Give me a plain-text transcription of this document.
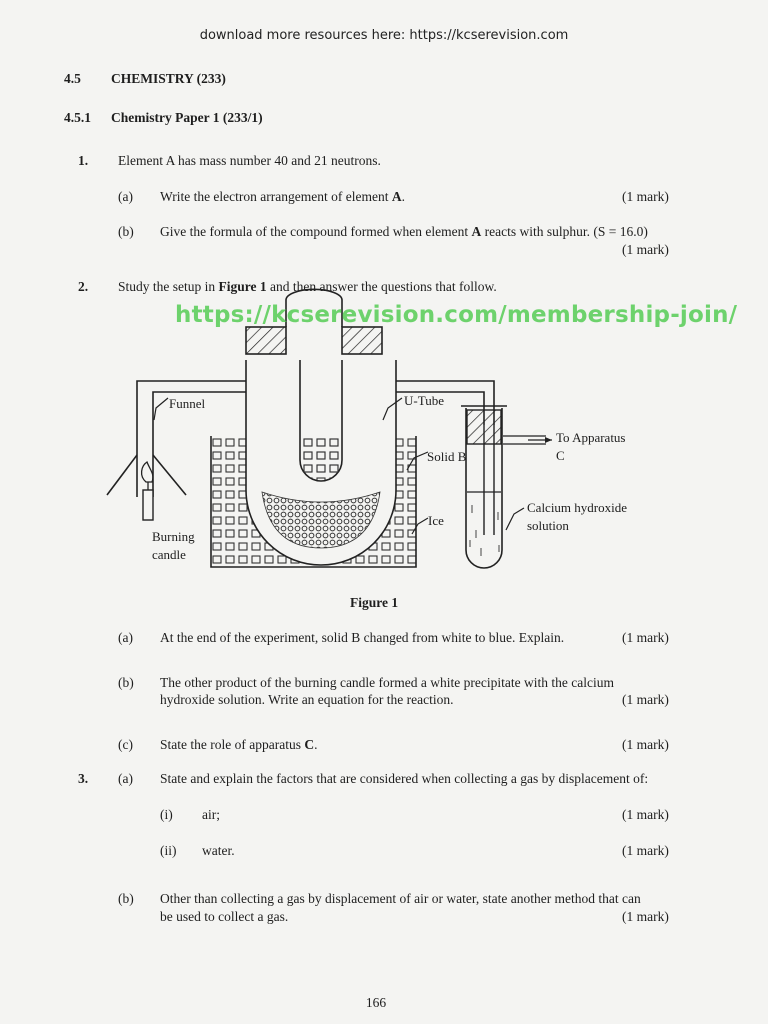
download more resources here: https://kcserevision.com
4.5 CHEMISTRY (233)
4.5.1 Chemistry Paper 1 (233/1)
1. Element A has mass number 40 and 21 neutrons.
(a) Write the electron arrangement of element A.	(1 mark)
(b) Give the formula of the compound formed when element A reacts with sulphur. (S = 16.0)
(1 mark)
2. Study the setup in Figure 1 and then answer the questions that follow.
Funnel	U-Tube
Solid B
Ice
Burning
candle
To Apparatus
C
Calcium hydroxide
solution
https://kcserevision.com/membership-join/
Figure 1
(a) At the end of the experiment, solid B changed from white to blue. Explain.	(1 mark)
(b) The other product of the burning candle formed a white precipitate with the calcium
hydroxide solution. Write an equation for the reaction.	(1 mark)
(c) State the role of apparatus C.	(1 mark)
3. (a) State and explain the factors that are considered when collecting a gas by displacement of:
(i) air;	(1 mark)
(ii) water.	(1 mark)
(b) Other than collecting a gas by displacement of air or water, state another method that can
be used to collect a gas.	(1 mark)
166
